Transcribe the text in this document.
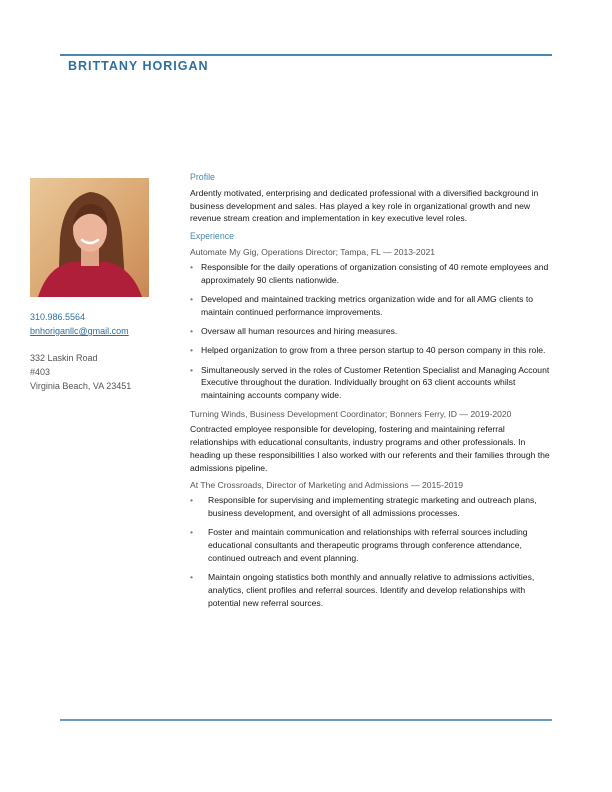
BRITTANY HORIGAN
310.986.5564
bnhoriganllc@gmail.com
332 Laskin Road
#403
Virginia Beach, VA 23451
Profile

Ardently motivated, enterprising and dedicated professional with a diversified background in business development and sales. Has played a key role in organizational growth and new revenue stream creation and implementation in key executive level roles.

Experience
Automate My Gig, Operations Director; Tampa, FL — 2013-2021
• Responsible for the daily operations of organization consisting of 40 remote employees and approximately 90 clients nationwide.
• Developed and maintained tracking metrics organization wide and for all AMG clients to maintain continued performance improvements.
• Oversaw all human resources and hiring measures.
• Helped organization to grow from a three person startup to 40 person company in this role.
• Simultaneously served in the roles of Customer Retention Specialist and Managing Account Executive throughout the duration. Individually brought on 63 client accounts whilst maintaining accounts company wide.
Turning Winds, Business Development Coordinator; Bonners Ferry, ID — 2019-2020

Contracted employee responsible for developing, fostering and maintaining referral relationships with educational consultants, industry programs and other professionals. In heading up these responsibilities I also worked with our referents and their families through the admissions pipeline.

At The Crossroads, Director of Marketing and Admissions — 2015-2019
• Responsible for supervising and implementing strategic marketing and outreach plans, business development, and oversight of all admissions processes.
• Foster and maintain communication and relationships with referral sources including educational consultants and therapeutic programs through conference attendance, continued outreach and event planning.
• Maintain ongoing statistics both monthly and annually relative to admissions activities, analytics, client profiles and referral sources. Identify and develop relationships with potential new referral sources.
